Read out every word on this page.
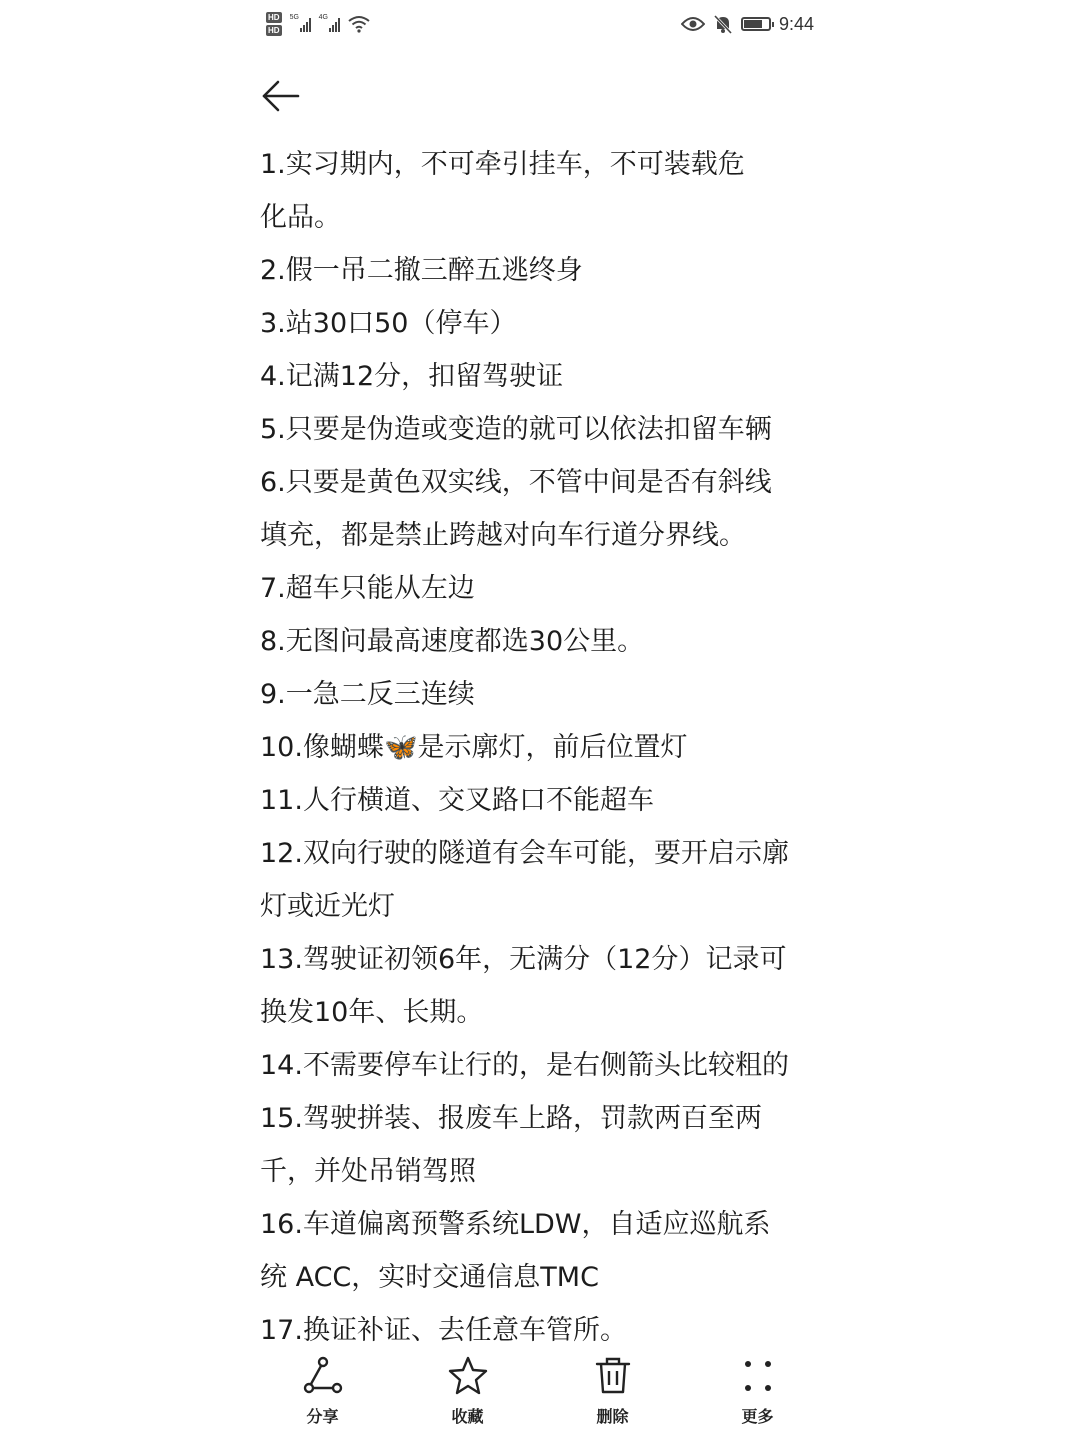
HD
HD
5G	4G	9:44
1.实习期内，不可牵引挂车，不可装载危
化品。
2.假一吊二撤三醉五逃终身
3.站30口50（停车）
4.记满12分，扣留驾驶证
5.只要是伪造或变造的就可以依法扣留车辆
6.只要是黄色双实线，不管中间是否有斜线
填充，都是禁止跨越对向车行道分界线。
7.超车只能从左边
8.无图问最高速度都选30公里。
9.一急二反三连续
10.像蝴蝶🦋是示廓灯，前后位置灯
11.人行横道、交叉路口不能超车
12.双向行驶的隧道有会车可能，要开启示廓
灯或近光灯
13.驾驶证初领6年，无满分（12分）记录可
换发10年、长期。
14.不需要停车让行的，是右侧箭头比较粗的
15.驾驶拼装、报废车上路，罚款两百至两
千，并处吊销驾照
16.车道偏离预警系统LDW，自适应巡航系
统 ACC，实时交通信息TMC
17.换证补证、去任意车管所。
分享	收藏	删除	更多
